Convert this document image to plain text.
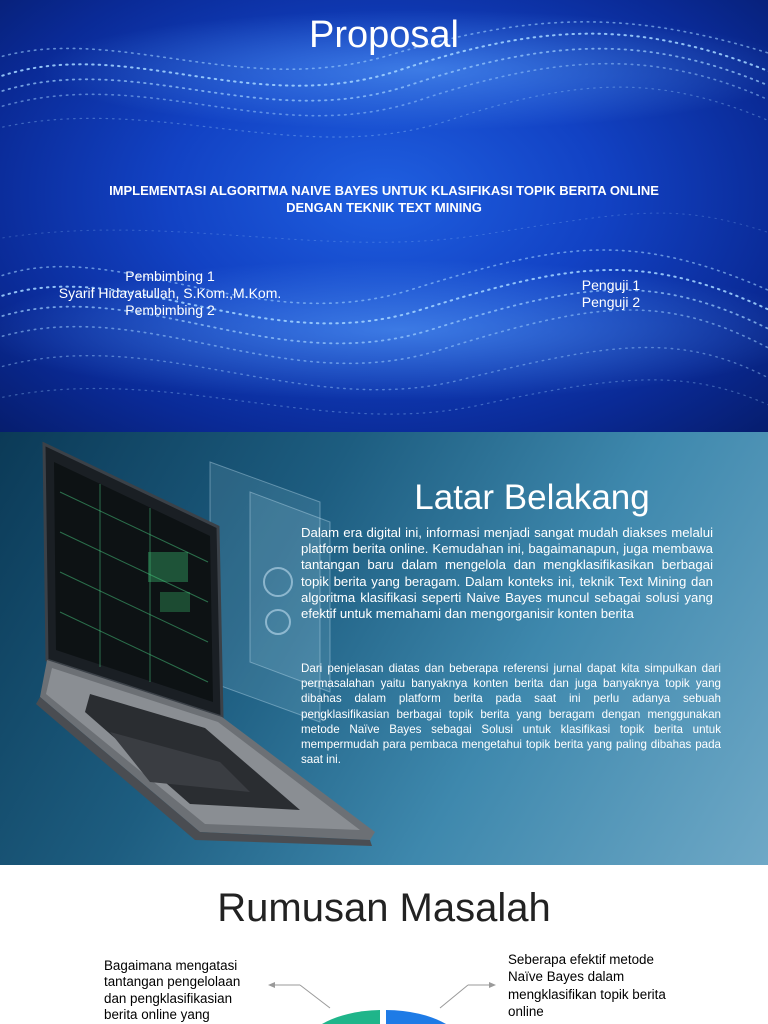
Proposal
IMPLEMENTASI ALGORITMA NAIVE BAYES UNTUK KLASIFIKASI TOPIK BERITA ONLINE DENGAN TEKNIK TEXT MINING
Pembimbing 1
Syarif Hidayatullah, S.Kom.,M.Kom.
Pembimbing 2
Penguji 1
Penguji 2
Dalam era digital ini, informasi menjadi sangat mudah diakses melalui platform berita online. Kemudahan ini, bagaimanapun, juga membawa tantangan baru dalam mengelola dan mengklasifikasikan berbagai topik berita yang beragam. Dalam konteks ini, teknik Text Mining dan algoritma klasifikasi seperti Naive Bayes muncul sebagai solusi yang efektif untuk memahami dan mengorganisir konten berita
Dari penjelasan diatas dan beberapa referensi jurnal dapat kita simpulkan dari permasalahan yaitu banyaknya konten berita dan juga banyaknya topik yang dibahas dalam platform berita pada saat ini perlu adanya sebuah pengklasifikasian berbagai topik berita yang beragam dengan menggunakan metode Naïve Bayes sebagai Solusi untuk klasifikasi topik berita untuk mempermudah para pembaca mengetahui topik berita yang paling dibahas pada saat ini.
Latar Belakang
Rumusan Masalah
Bagaimana mengatasi tantangan pengelolaan dan pengklasifikasian berita online yang
Seberapa efektif metode Naïve Bayes dalam mengklasifikan topik berita online
